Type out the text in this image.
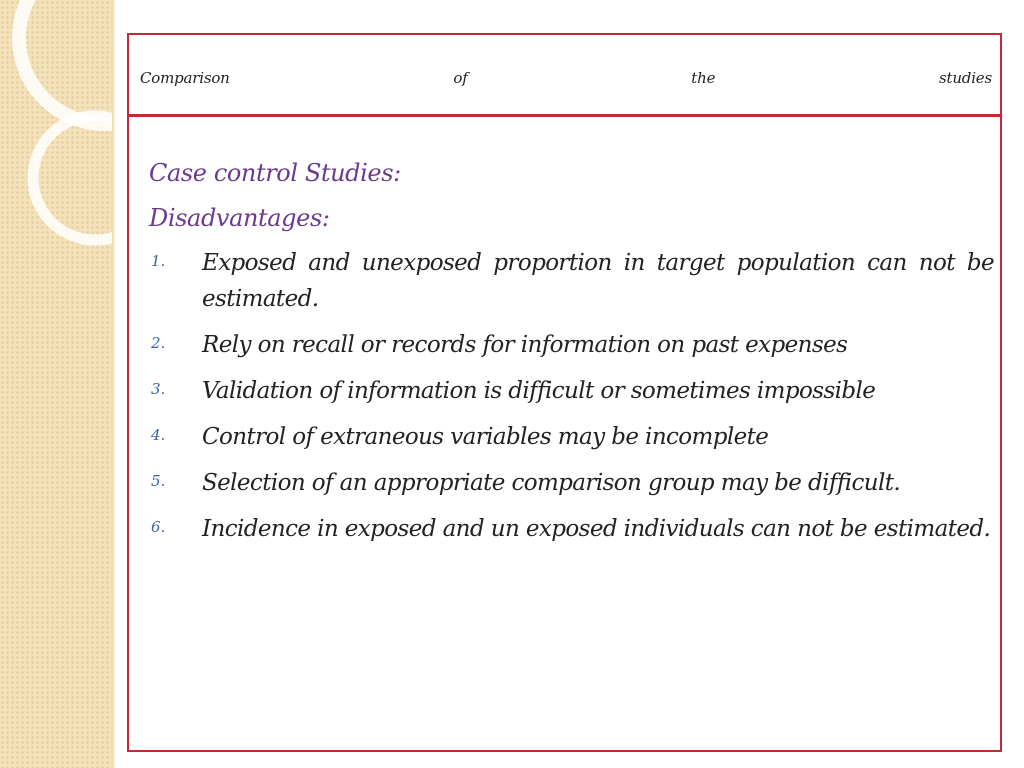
Comparison	of	the	studies
Case control Studies:
Disadvantages:
1. Exposed and unexposed proportion in target population can not be estimated.
2. Rely on recall or records for information on past expenses
3. Validation of information is difficult or sometimes impossible
4. Control of extraneous variables may be incomplete
5. Selection of an appropriate comparison group may be difficult.
6. Incidence in exposed and un exposed individuals can not be estimated.
